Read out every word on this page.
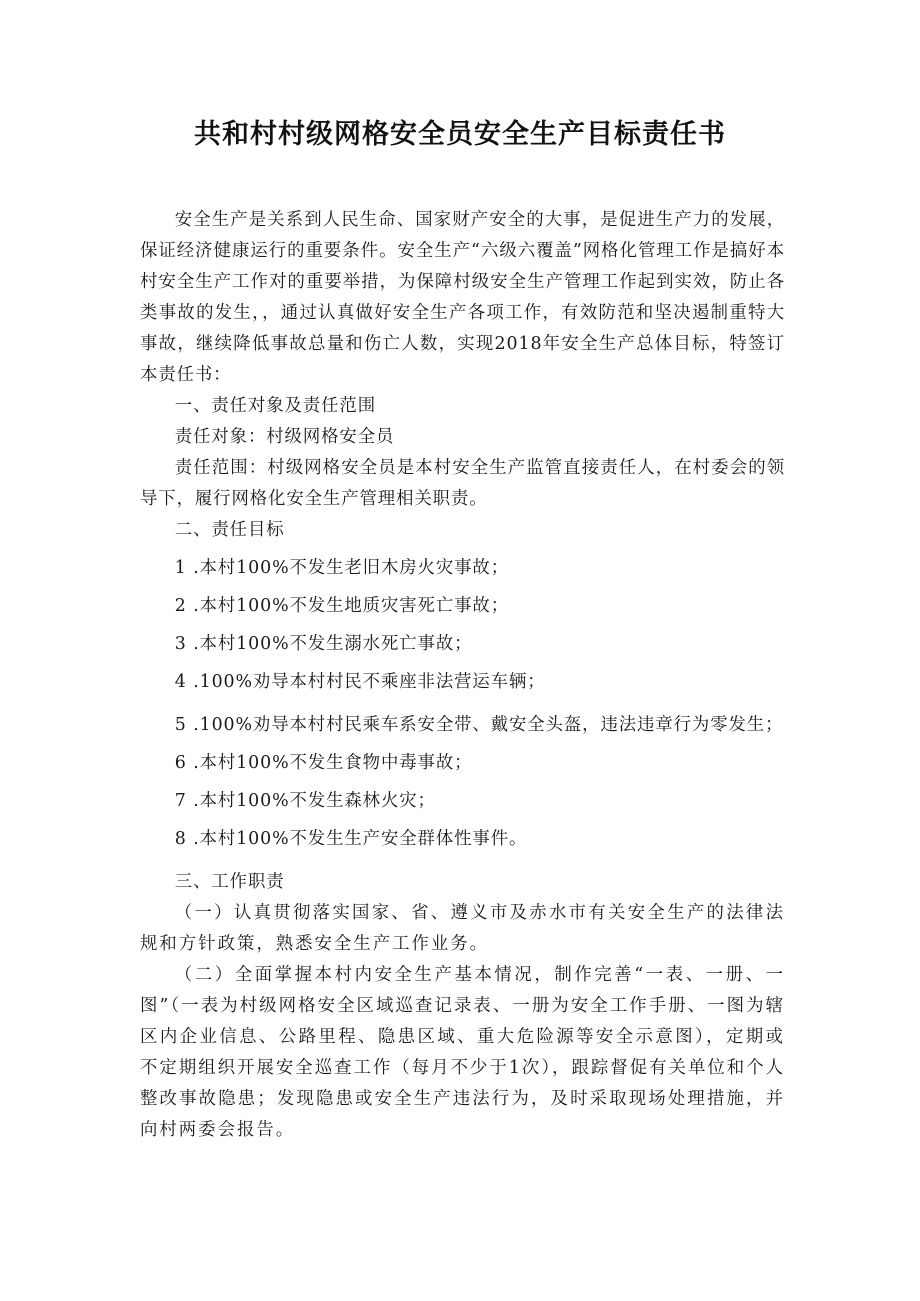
共和村村级网格安全员安全生产目标责任书

安全生产是关系到人民生命、国家财产安全的大事，是促进生产力的发展，保证经济健康运行的重要条件。安全生产“六级六覆盖”网格化管理工作是搞好本村安全生产工作对的重要举措，为保障村级安全生产管理工作起到实效，防止各类事故的发生，，通过认真做好安全生产各项工作，有效防范和坚决遏制重特大事故，继续降低事故总量和伤亡人数，实现2018年安全生产总体目标，特签订本责任书：

一、责任对象及责任范围

责任对象：村级网格安全员

责任范围：村级网格安全员是本村安全生产监管直接责任人，在村委会的领导下，履行网格化安全生产管理相关职责。

二、责任目标

1 .本村100%不发生老旧木房火灾事故；

2 .本村100%不发生地质灾害死亡事故；

3 .本村100%不发生溺水死亡事故；

4 .100%劝导本村村民不乘座非法营运车辆；

5 .100%劝导本村村民乘车系安全带、戴安全头盔，违法违章行为零发生；

6 .本村100%不发生食物中毒事故；

7 .本村100%不发生森林火灾；

8 .本村100%不发生生产安全群体性事件。

三、工作职责

（一）认真贯彻落实国家、省、遵义市及赤水市有关安全生产的法律法规和方针政策，熟悉安全生产工作业务。

（二）全面掌握本村内安全生产基本情况，制作完善“一表、一册、一图”（一表为村级网格安全区域巡查记录表、一册为安全工作手册、一图为辖区内企业信息、公路里程、隐患区域、重大危险源等安全示意图），定期或不定期组织开展安全巡查工作（每月不少于1次），跟踪督促有关单位和个人整改事故隐患；发现隐患或安全生产违法行为，及时采取现场处理措施，并向村两委会报告。
